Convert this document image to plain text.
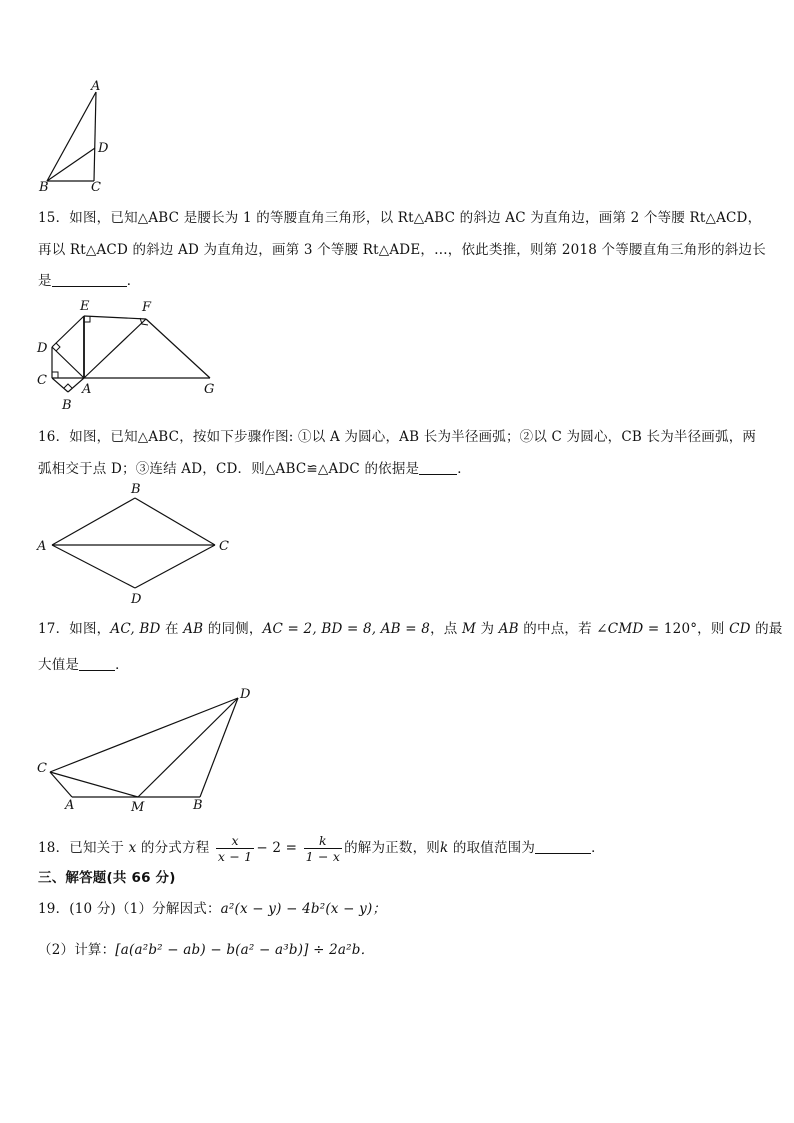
A
D
B	C
15．如图，已知△ABC 是腰长为 1 的等腰直角三角形，以 Rt△ABC 的斜边 AC 为直角边，画第 2 个等腰 Rt△ACD，
再以 Rt△ACD 的斜边 AD 为直角边，画第 3 个等腰 Rt△ADE，…，依此类推，则第 2018 个等腰直角三角形的斜边长
是	．
E	F
D
C
A	G
B
16．如图，已知△ABC，按如下步骤作图: ①以 A 为圆心，AB 长为半径画弧；②以 C 为圆心，CB 长为半径画弧，两
弧相交于点 D；③连结 AD，CD．则△ABC≌△ADC 的依据是	．
B
A	C
D
17．如图，AC, BD 在 AB 的同侧，AC = 2, BD = 8, AB = 8，点 M 为 AB 的中点，若 ∠CMD = 120°，则 CD 的最
大值是	．
D
C
A	M	B
18．已知关于 x 的分式方程 $\frac{x}{x - 1} - 2 = \frac{k}{1 - x}$ 的解为正数，则k 的取值范围为	．
三、解答题(共 66 分)
19．(10 分)（1）分解因式：a²(x − y) − 4b²(x − y)；
（2）计算：[a(a²b² − ab) − b(a² − a³b)] ÷ 2a²b．
